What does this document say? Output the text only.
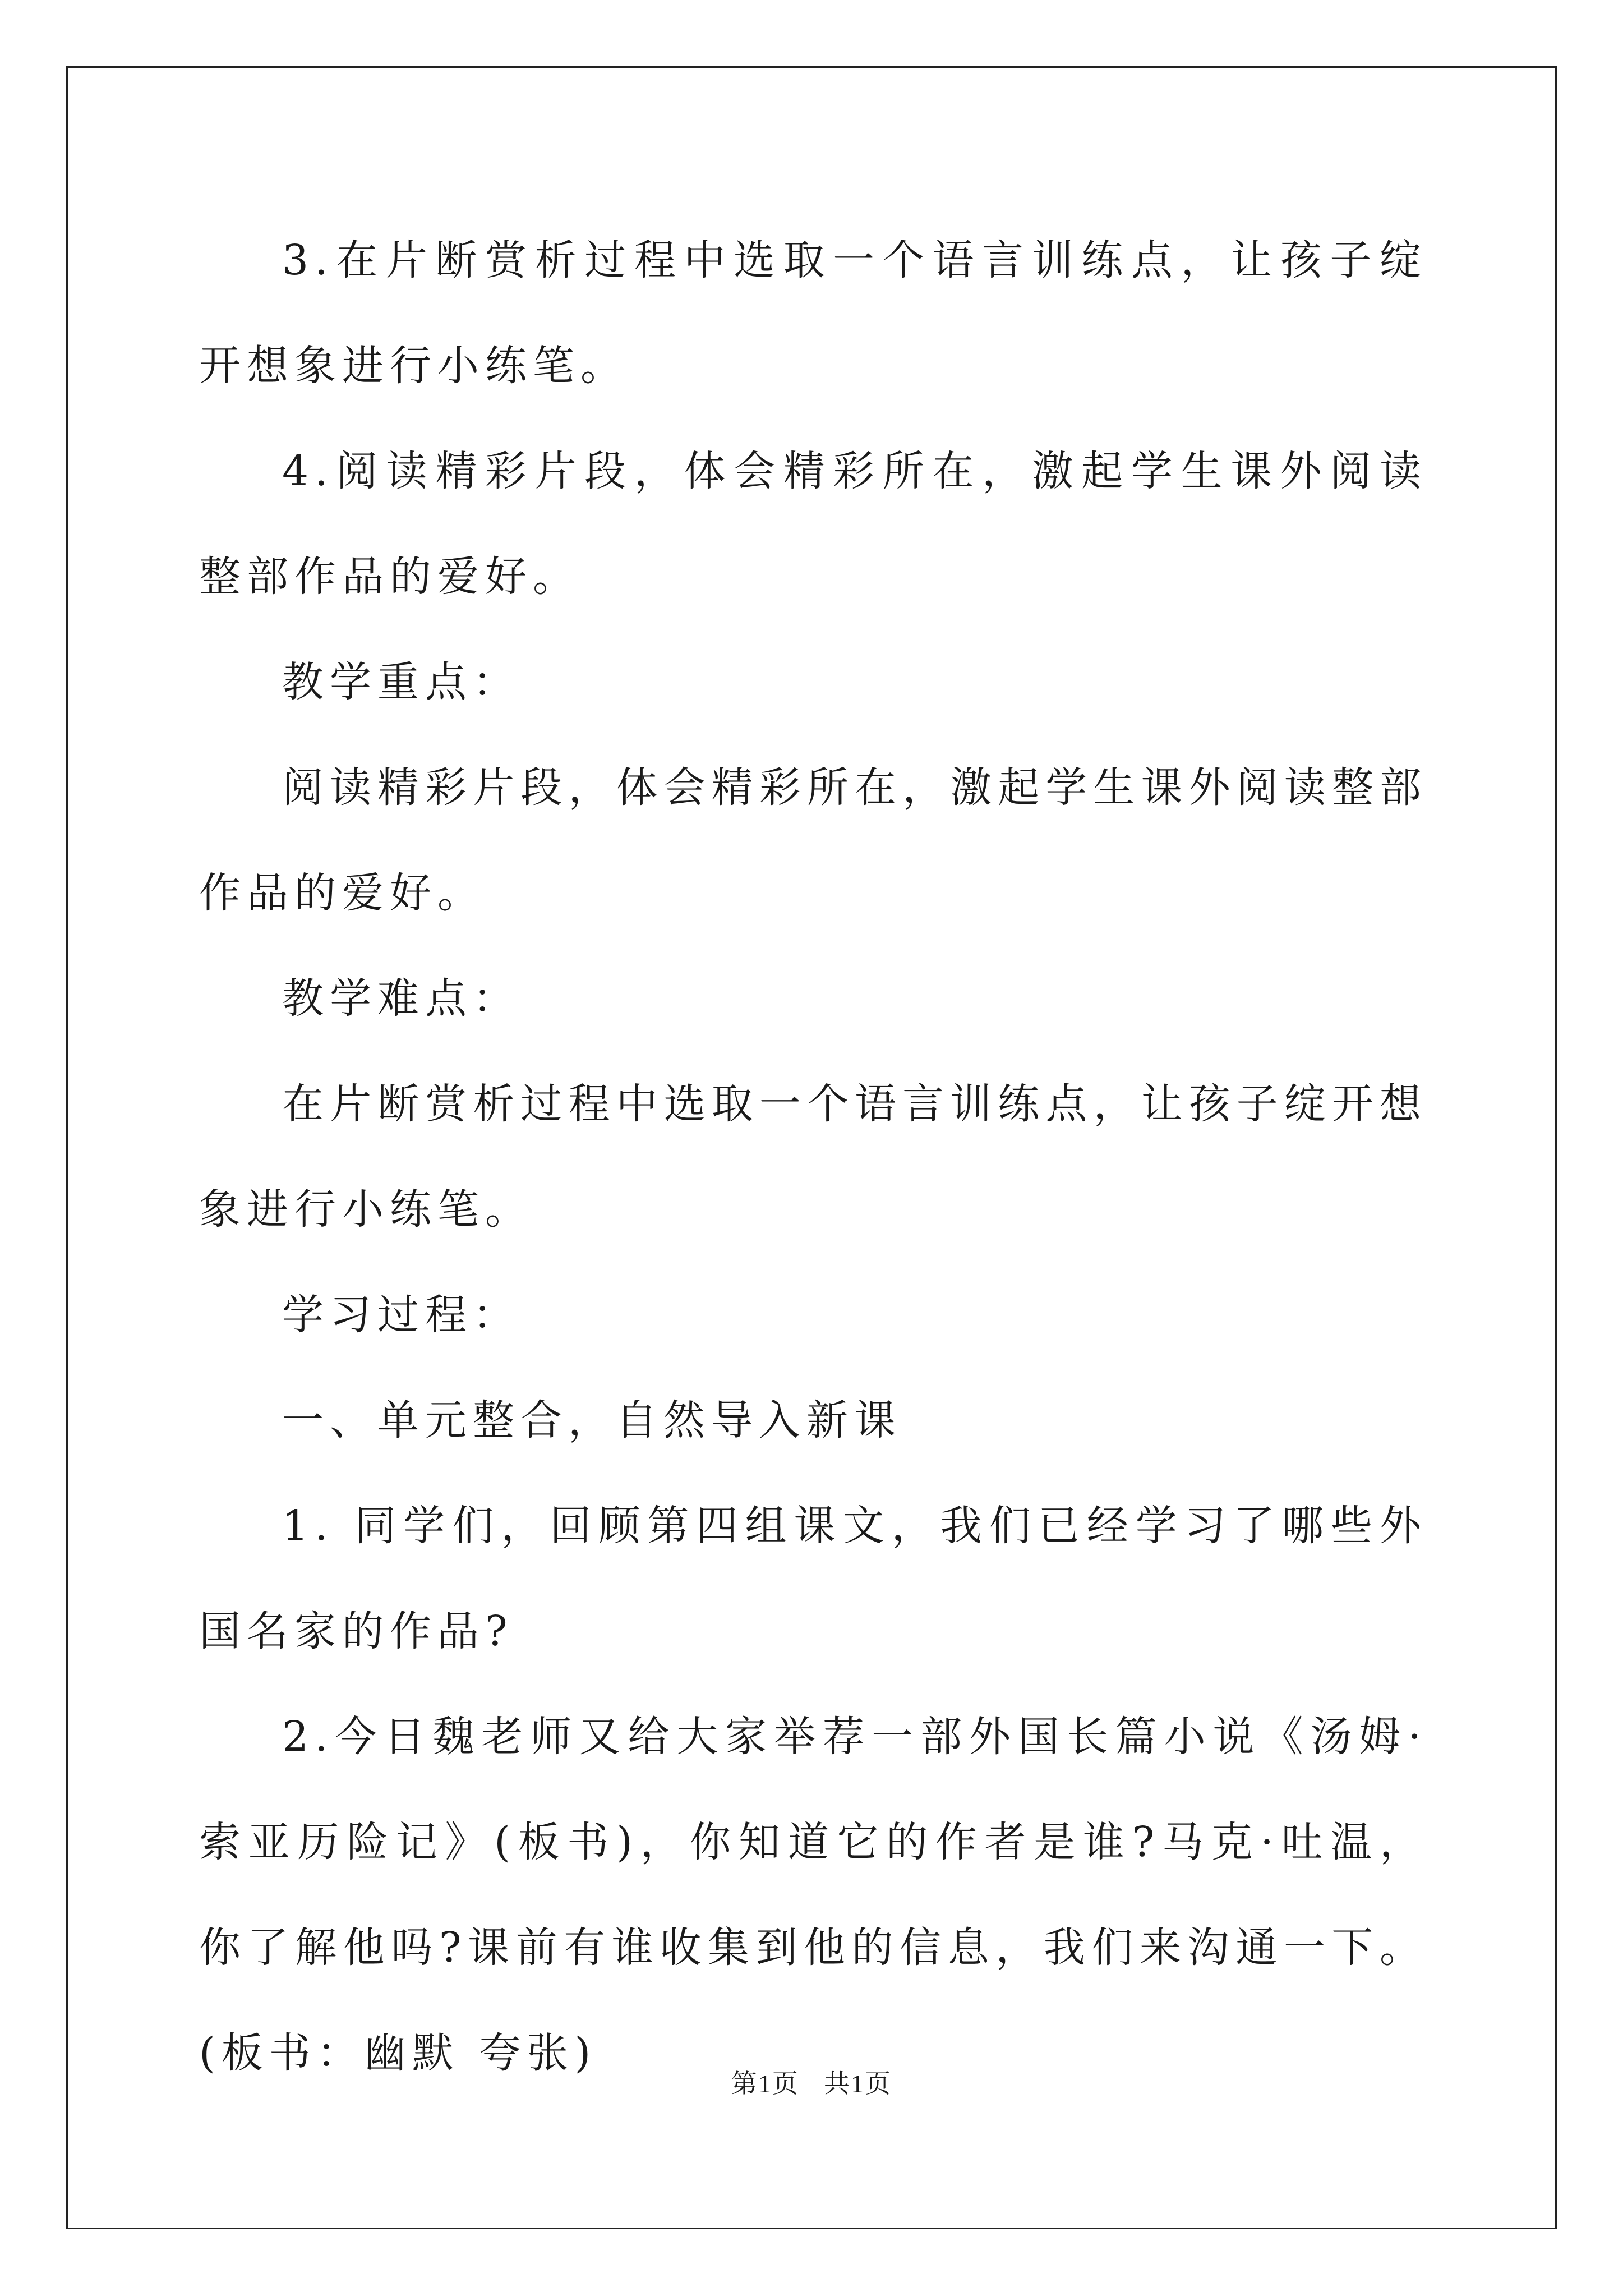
3.在片断赏析过程中选取一个语言训练点，让孩子绽开想象进行小练笔。

4.阅读精彩片段，体会精彩所在，激起学生课外阅读整部作品的爱好。

教学重点：

阅读精彩片段，体会精彩所在，激起学生课外阅读整部作品的爱好。

教学难点：

在片断赏析过程中选取一个语言训练点，让孩子绽开想象进行小练笔。

学习过程：

一、单元整合，自然导入新课

1. 同学们，回顾第四组课文，我们已经学习了哪些外国名家的作品?

2.今日魏老师又给大家举荐一部外国长篇小说《汤姆·索亚历险记》(板书)，你知道它的作者是谁?马克·吐温，你了解他吗?课前有谁收集到他的信息，我们来沟通一下。(板书：幽默 夸张)

第1页 共1页
